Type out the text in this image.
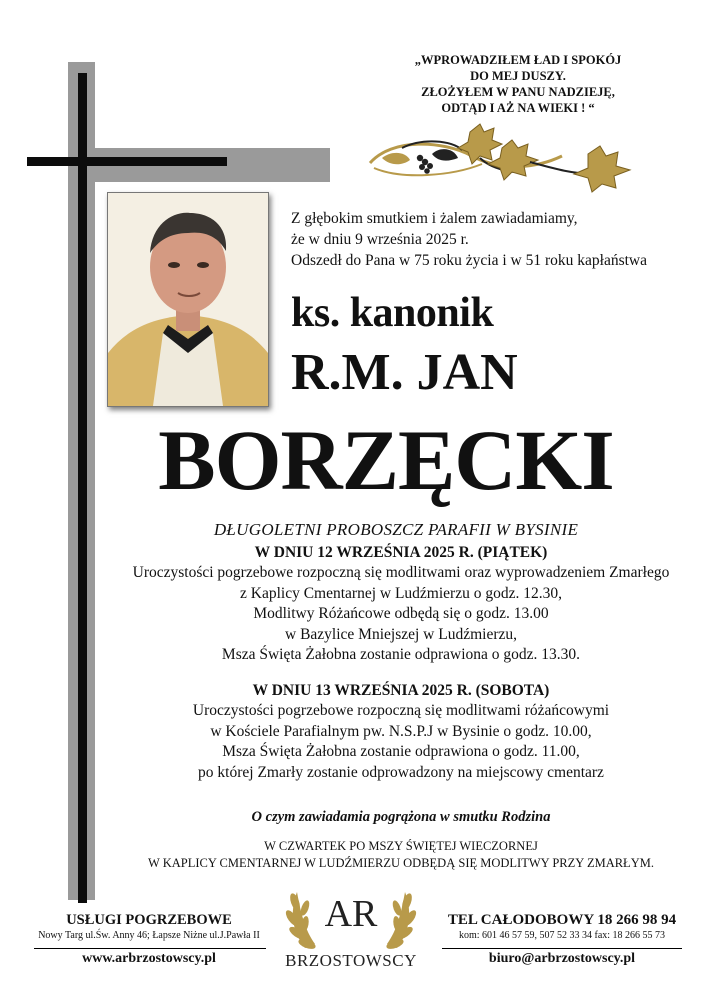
„WPROWADZIŁEM ŁAD I SPOKÓJ
DO MEJ DUSZY.
ZŁOŻYŁEM W PANU NADZIEJĘ,
ODTĄD I AŻ NA WIEKI ! “
Z głębokim smutkiem i żalem zawiadamiamy,
że w dniu 9 września 2025 r.
Odszedł do Pana w 75 roku życia i w 51 roku kapłaństwa
ks. kanonik
R.M. JAN
BORZĘCKI
DŁUGOLETNI PROBOSZCZ PARAFII W BYSINIE
W DNIU 12 WRZEŚNIA 2025 R. (PIĄTEK)
Uroczystości pogrzebowe rozpoczną się modlitwami oraz wyprowadzeniem Zmarłego
z Kaplicy Cmentarnej w Ludźmierzu o godz. 12.30,
Modlitwy Różańcowe odbędą się o godz. 13.00
w Bazylice Mniejszej w Ludźmierzu,
Msza Święta Żałobna zostanie odprawiona o godz. 13.30.
W DNIU 13 WRZEŚNIA 2025 R. (SOBOTA)
Uroczystości pogrzebowe rozpoczną się modlitwami różańcowymi
w Kościele Parafialnym pw. N.S.P.J w Bysinie o godz. 10.00,
Msza Święta Żałobna zostanie odprawiona o godz. 11.00,
po której Zmarły zostanie odprowadzony na miejscowy cmentarz
O czym zawiadamia pogrążona w smutku Rodzina
W CZWARTEK PO MSZY ŚWIĘTEJ WIECZORNEJ
W KAPLICY CMENTARNEJ W LUDŹMIERZU ODBĘDĄ SIĘ MODLITWY PRZY ZMARŁYM.
USŁUGI POGRZEBOWE
Nowy Targ ul.Św. Anny 46; Łapsze Niżne ul.J.Pawła II
www.arbrzostowscy.pl
AR
BRZOSTOWSCY
TEL CAŁODOBOWY 18 266 98 94
kom: 601 46 57 59, 507 52 33 34 fax: 18 266 55 73
biuro@arbrzostowscy.pl
